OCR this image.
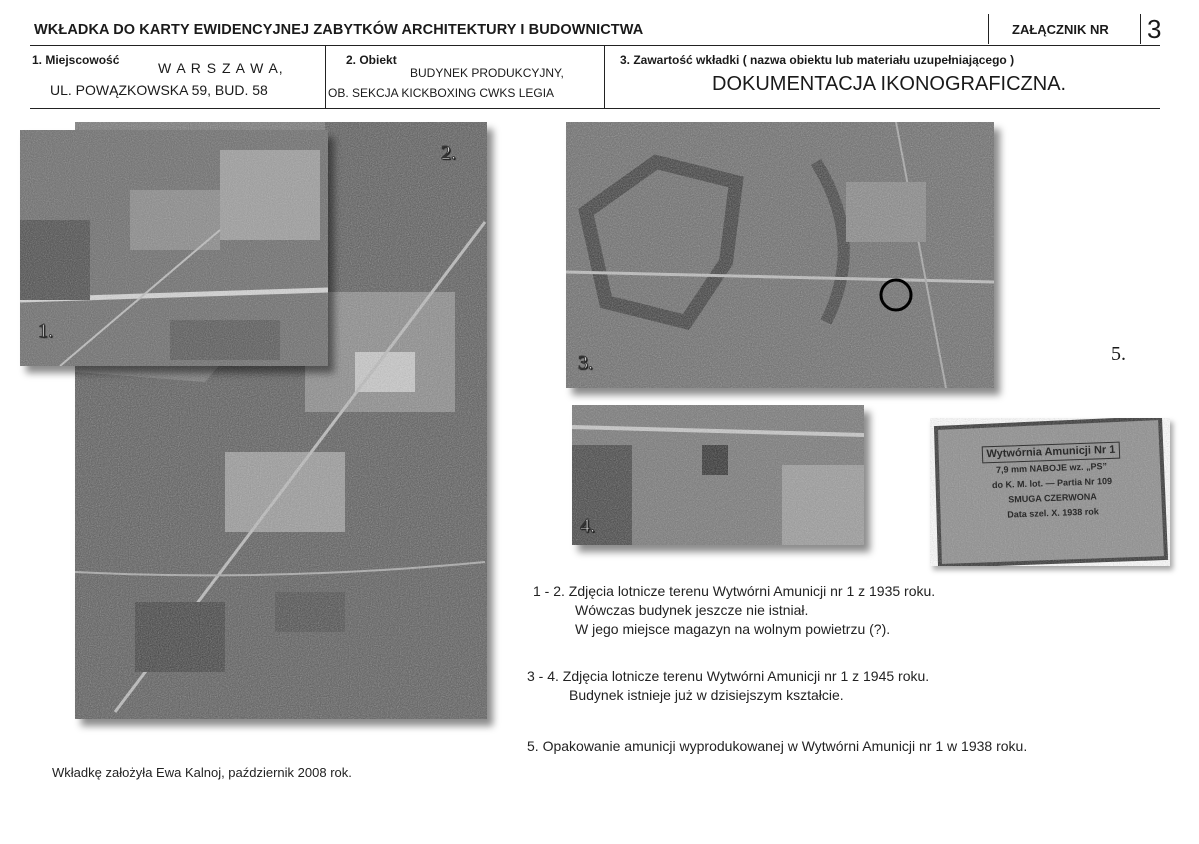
WKŁADKA DO KARTY EWIDENCYJNEJ ZABYTKÓW ARCHITEKTURY I BUDOWNICTWA	ZAŁĄCZNIK NR 3
1. Miejscowość	W A R S Z A W A,
UL. POWĄZKOWSKA 59, BUD. 58
2. Obiekt
BUDYNEK PRODUKCYJNY,
OB. SEKCJA KICKBOXING CWKS LEGIA
3. Zawartość wkładki ( nazwa obiektu lub materiału uzupełniającego )
DOKUMENTACJA IKONOGRAFICZNA.
2.
1.
3.
4.
5.
Wytwórnia Amunicji Nr 1
7,9 mm NABOJE wz. „PS”
do K. M. lot. — Partia Nr 109
SMUGA CZERWONA
Data szel. X. 1938 rok
1 - 2. Zdjęcia lotnicze terenu Wytwórni Amunicji nr 1 z 1935 roku.
Wówczas budynek jeszcze nie istniał.
W jego miejsce magazyn na wolnym powietrzu (?).
3 - 4. Zdjęcia lotnicze terenu Wytwórni Amunicji nr 1 z 1945 roku.
Budynek istnieje już w dzisiejszym kształcie.
5. Opakowanie amunicji wyprodukowanej w Wytwórni Amunicji nr 1 w 1938 roku.
Wkładkę założyła Ewa Kalnoj, październik 2008 rok.
